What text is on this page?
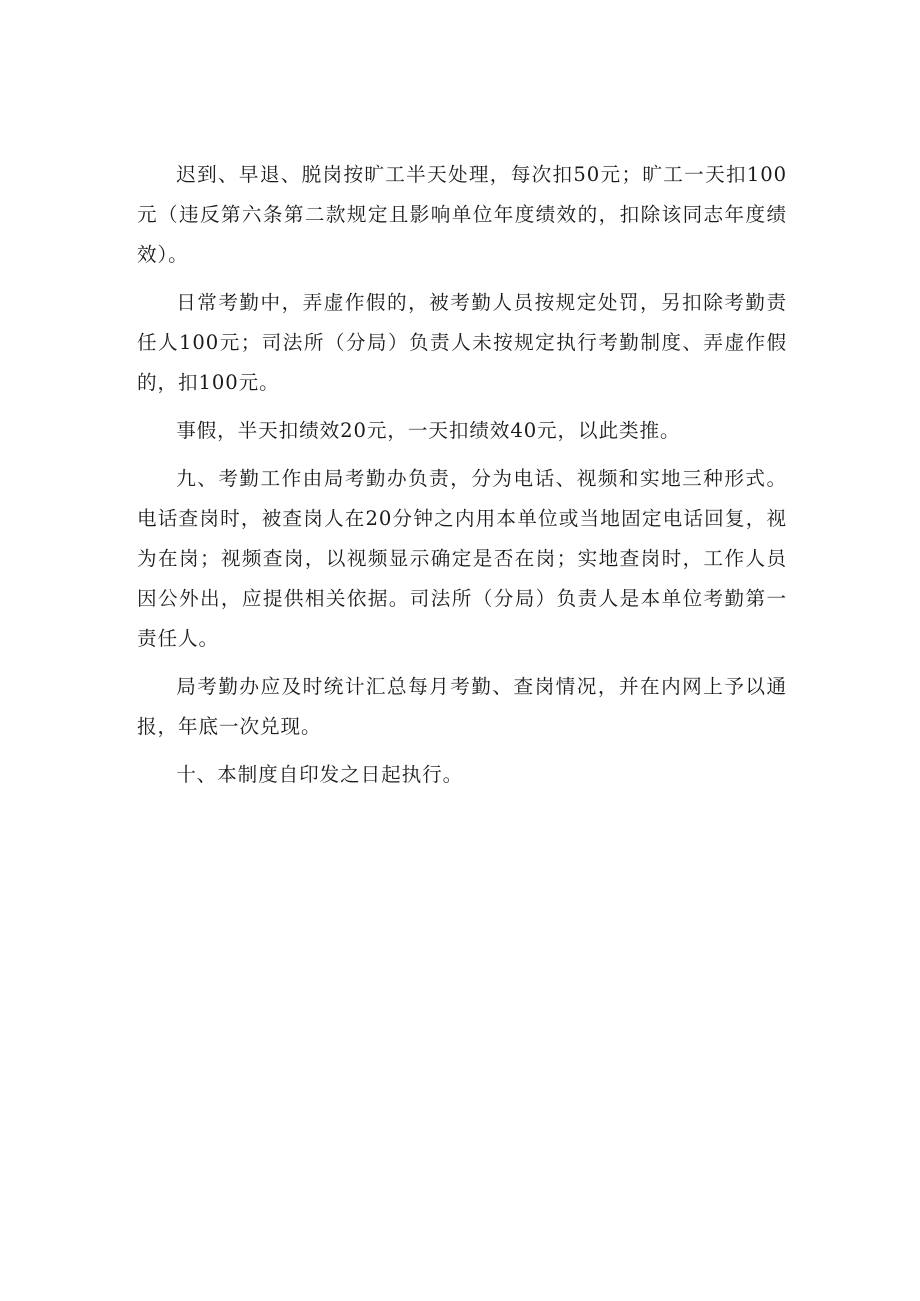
迟到、早退、脱岗按旷工半天处理，每次扣50元；旷工一天扣100元（违反第六条第二款规定且影响单位年度绩效的，扣除该同志年度绩效）。

日常考勤中，弄虚作假的，被考勤人员按规定处罚，另扣除考勤责任人100元；司法所（分局）负责人未按规定执行考勤制度、弄虚作假的，扣100元。

事假，半天扣绩效20元，一天扣绩效40元，以此类推。

九、考勤工作由局考勤办负责，分为电话、视频和实地三种形式。电话查岗时，被查岗人在20分钟之内用本单位或当地固定电话回复，视为在岗；视频查岗，以视频显示确定是否在岗；实地查岗时，工作人员因公外出，应提供相关依据。司法所（分局）负责人是本单位考勤第一责任人。

局考勤办应及时统计汇总每月考勤、查岗情况，并在内网上予以通报，年底一次兑现。

十、本制度自印发之日起执行。
